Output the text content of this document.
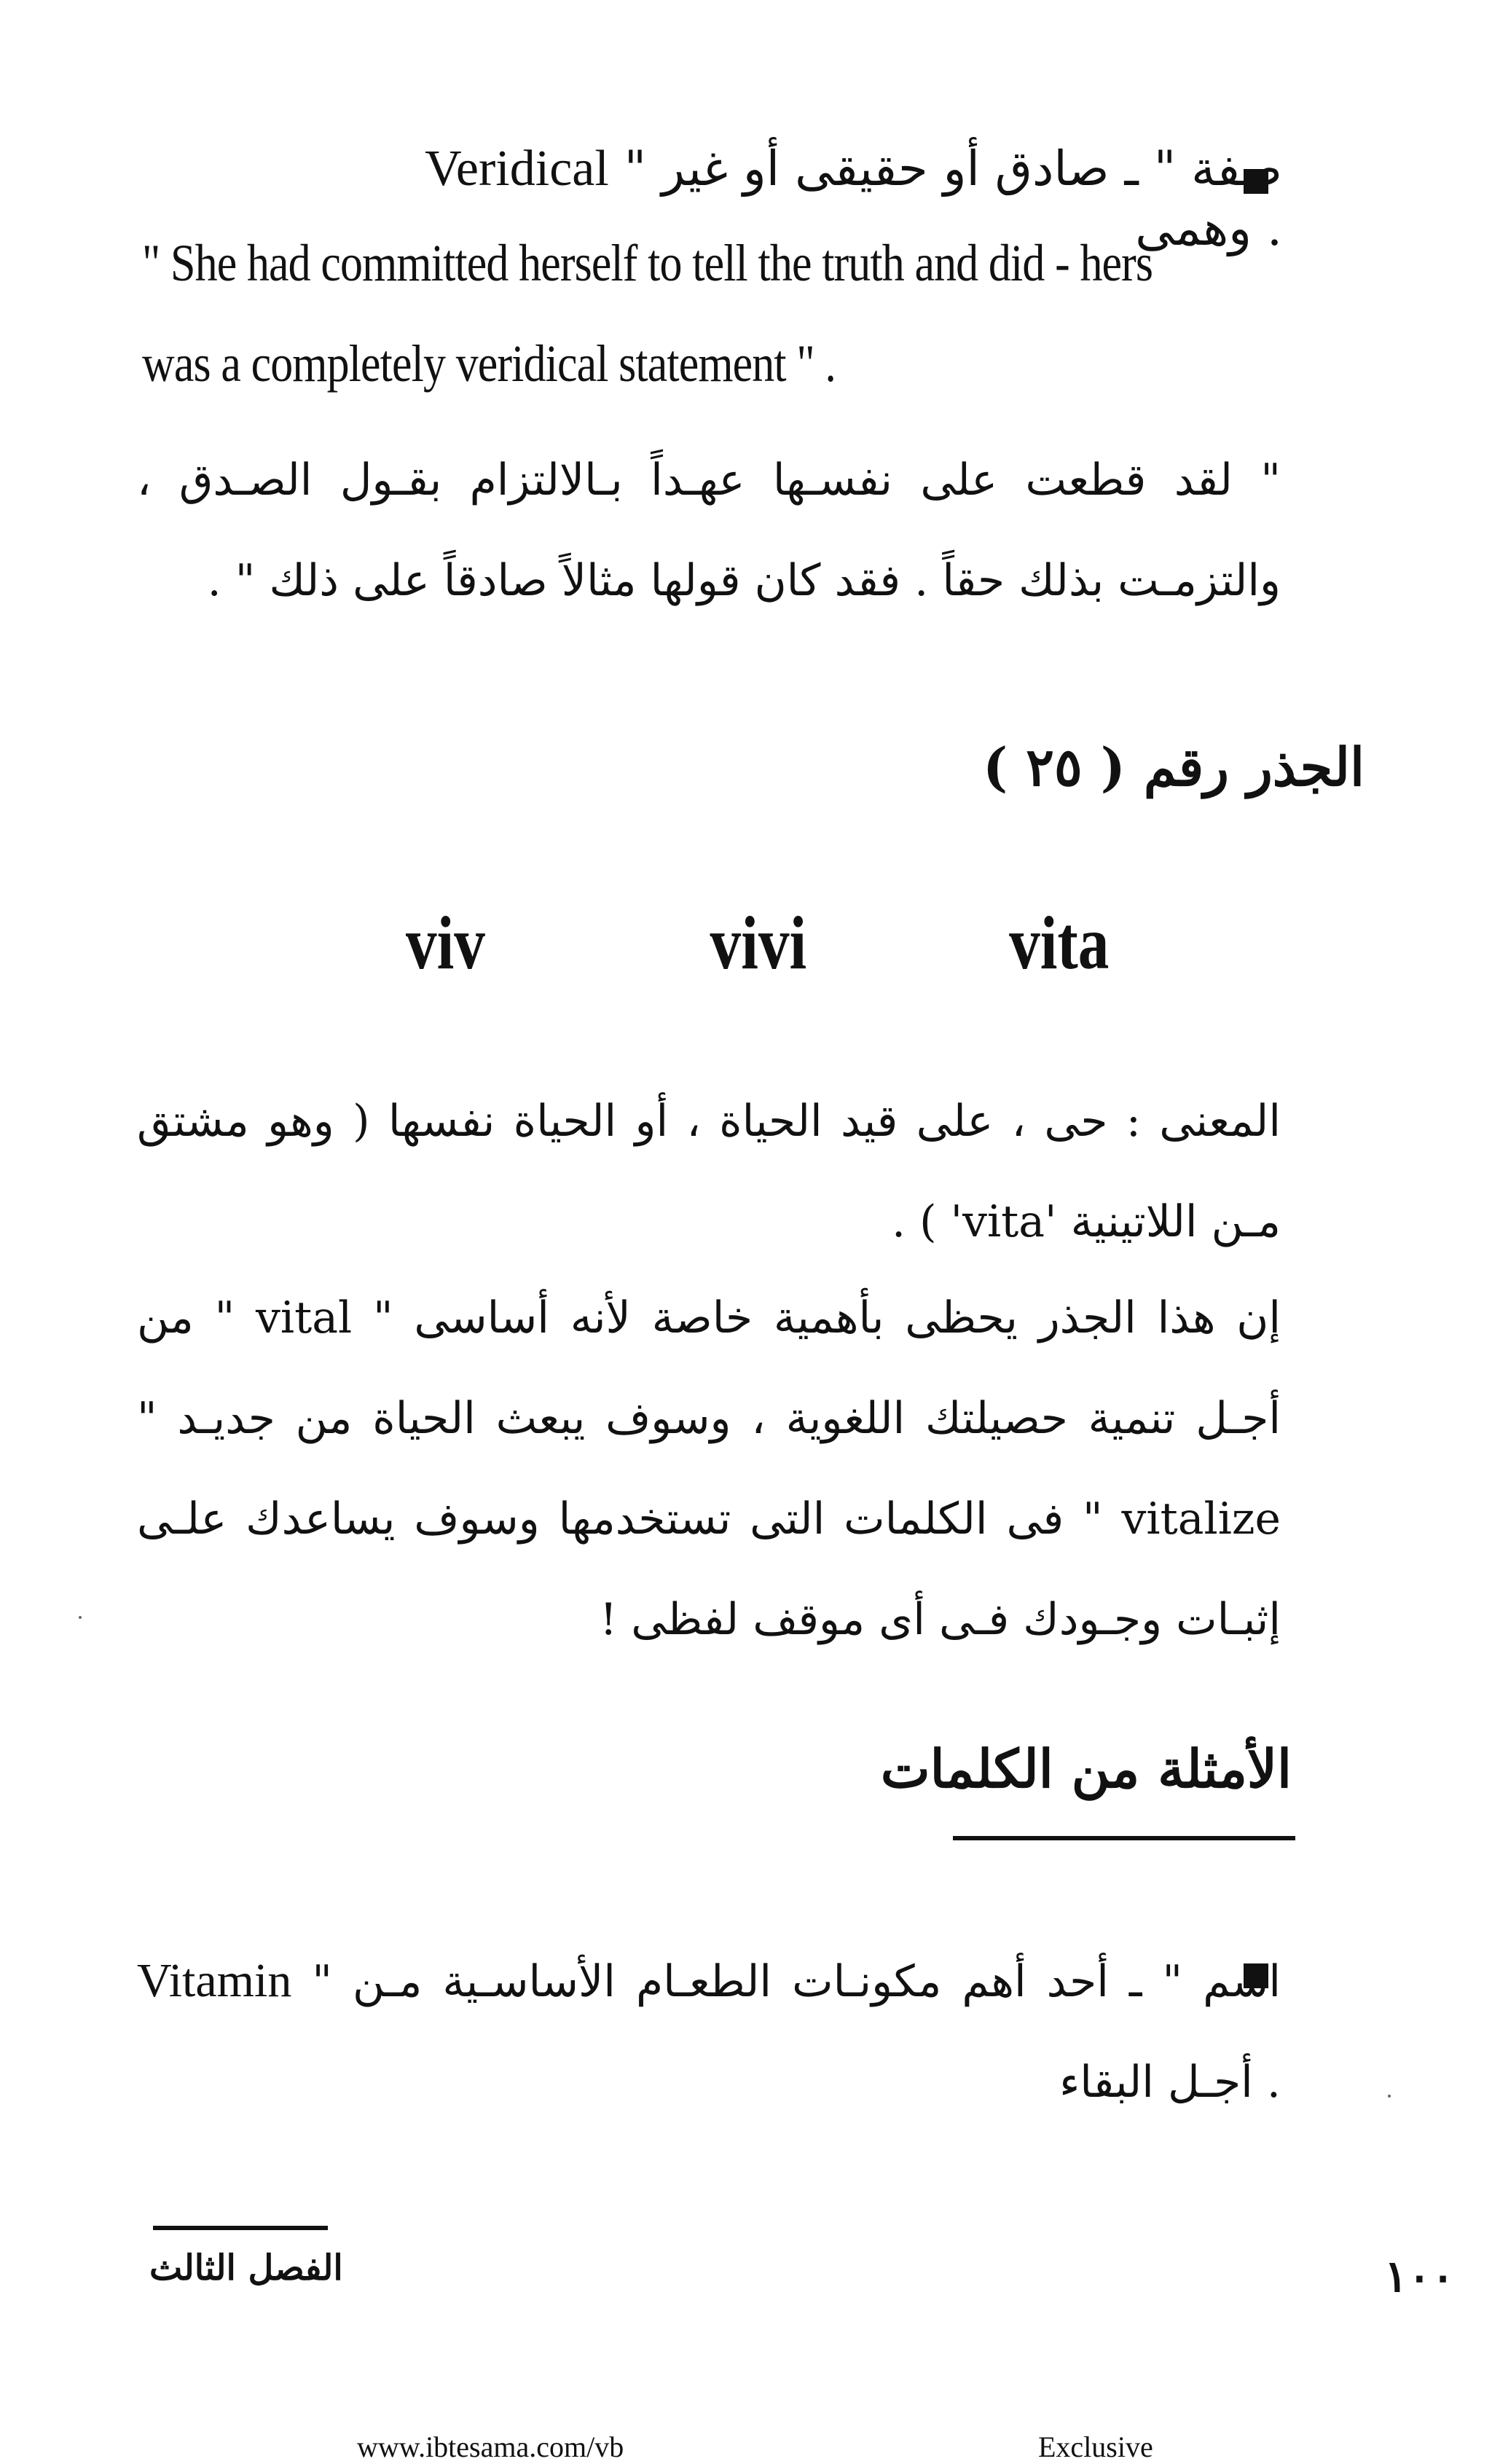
Veridical " صفة " ـ صادق أو حقيقى أو غير وهمى .
" She had committed herself to tell the truth and did - hers
was a completely veridical statement " .
" لقد قطعت على نفسـها عهـداً بـالالتزام بقـول الصـدق ، والتزمـت بذلك حقاً . فقد كان قولها مثالاً صادقاً على ذلك " .
الجذر رقم ( ٢٥ )
viv	vivi	vita
المعنى : حى ، على قيد الحياة ، أو الحياة نفسها ( وهو مشتق مـن اللاتينية 'vita' ) .
إن هذا الجذر يحظى بأهمية خاصة لأنه أساسى " vital " من أجـل تنمية حصيلتك اللغوية ، وسوف يبعث الحياة من جديـد " vitalize " فى الكلمات التى تستخدمها وسوف يساعدك علـى إثبـات وجـودك فـى أى موقف لفظى !
الأمثلة من الكلمات
Vitamin " اسم " ـ أحد أهم مكونـات الطعـام الأساسـية مـن أجـل البقاء .
١٠٠
الفصل الثالث
www.ibtesama.com/vb	Exclusive
